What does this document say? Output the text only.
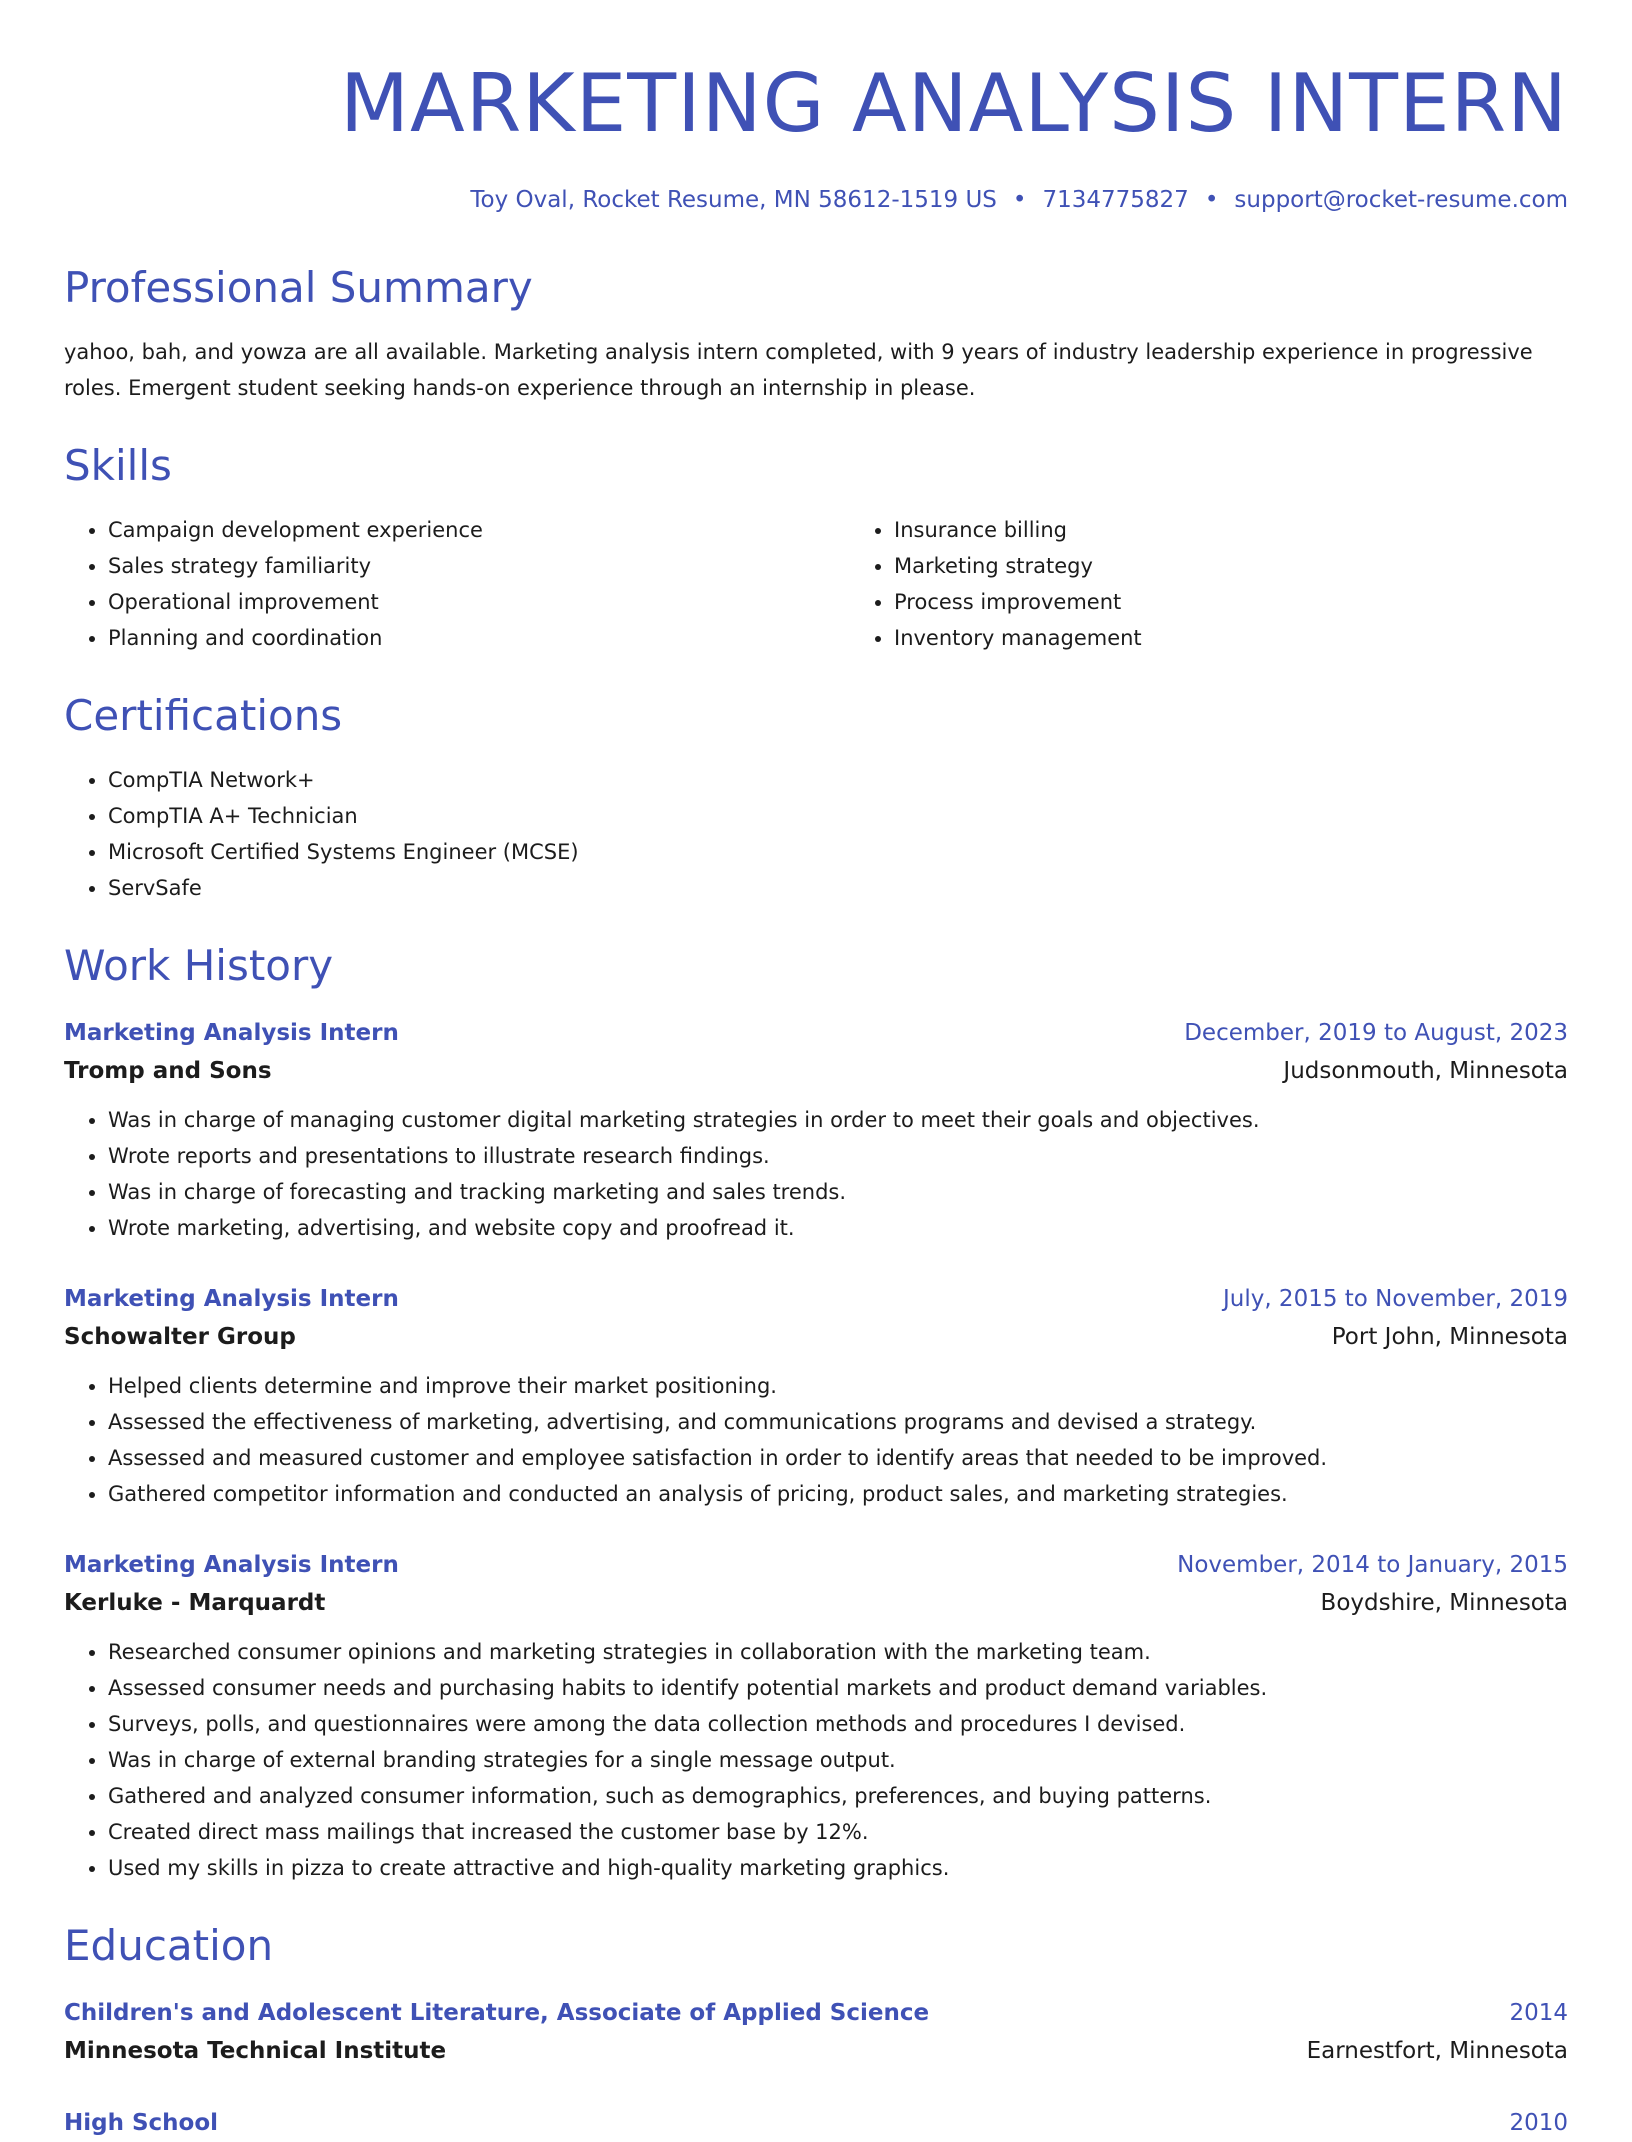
MARKETING ANALYSIS INTERN
Toy Oval, Rocket Resume, MN 58612-1519 US • 7134775827 • support@rocket-resume.com
Professional Summary

yahoo, bah, and yowza are all available. Marketing analysis intern completed, with 9 years of industry leadership experience in progressive roles. Emergent student seeking hands-on experience through an internship in please.

Skills
• Campaign development experience
• Sales strategy familiarity
• Operational improvement
• Planning and coordination
• Insurance billing
• Marketing strategy
• Process improvement
• Inventory management
Certifications
• CompTIA Network+
• CompTIA A+ Technician
• Microsoft Certified Systems Engineer (MCSE)
• ServSafe
Work History
Marketing Analysis Intern	December, 2019 to August, 2023
Tromp and Sons	Judsonmouth, Minnesota
• Was in charge of managing customer digital marketing strategies in order to meet their goals and objectives.
• Wrote reports and presentations to illustrate research findings.
• Was in charge of forecasting and tracking marketing and sales trends.
• Wrote marketing, advertising, and website copy and proofread it.
Marketing Analysis Intern	July, 2015 to November, 2019
Schowalter Group	Port John, Minnesota
• Helped clients determine and improve their market positioning.
• Assessed the effectiveness of marketing, advertising, and communications programs and devised a strategy.
• Assessed and measured customer and employee satisfaction in order to identify areas that needed to be improved.
• Gathered competitor information and conducted an analysis of pricing, product sales, and marketing strategies.
Marketing Analysis Intern	November, 2014 to January, 2015
Kerluke - Marquardt	Boydshire, Minnesota
• Researched consumer opinions and marketing strategies in collaboration with the marketing team.
• Assessed consumer needs and purchasing habits to identify potential markets and product demand variables.
• Surveys, polls, and questionnaires were among the data collection methods and procedures I devised.
• Was in charge of external branding strategies for a single message output.
• Gathered and analyzed consumer information, such as demographics, preferences, and buying patterns.
• Created direct mass mailings that increased the customer base by 12%.
• Used my skills in pizza to create attractive and high-quality marketing graphics.
Education
Children's and Adolescent Literature, Associate of Applied Science	2014
Minnesota Technical Institute	Earnestfort, Minnesota
High School	2010
